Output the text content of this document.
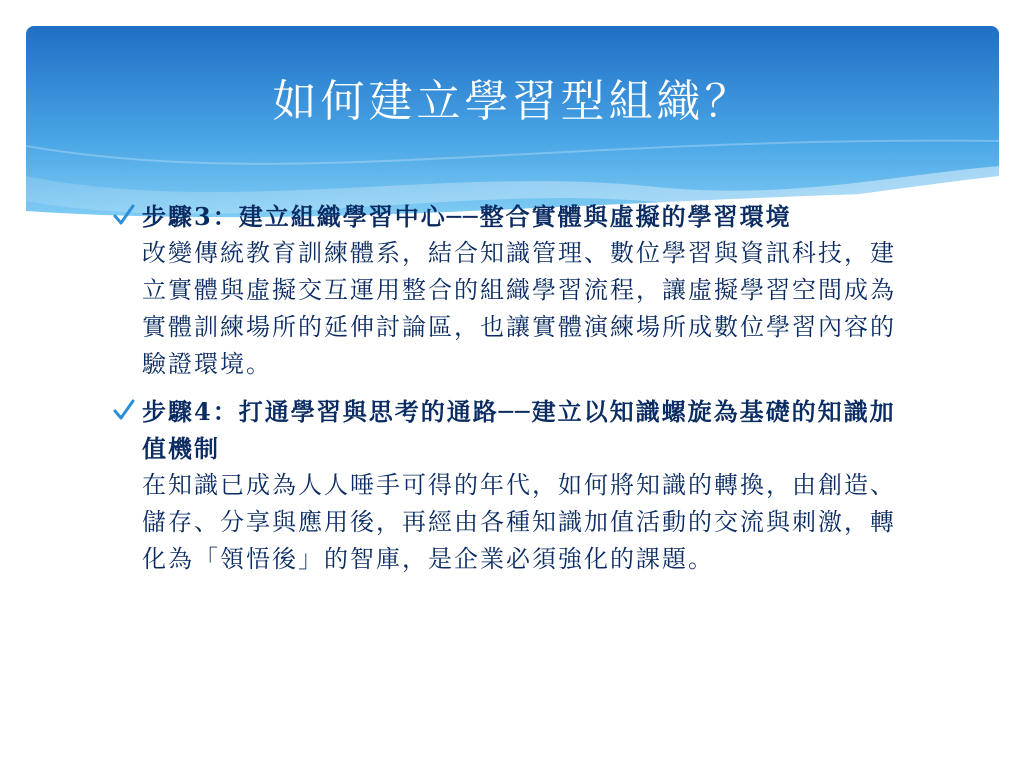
如何建立學習型組織？
步驟3：建立組織學習中心──整合實體與虛擬的學習環境
改變傳統教育訓練體系，結合知識管理、數位學習與資訊科技，建立實體與虛擬交互運用整合的組織學習流程，讓虛擬學習空間成為實體訓練場所的延伸討論區，也讓實體演練場所成數位學習內容的驗證環境。
步驟4：打通學習與思考的通路──建立以知識螺旋為基礎的知識加值機制
在知識已成為人人唾手可得的年代，如何將知識的轉換，由創造、儲存、分享與應用後，再經由各種知識加值活動的交流與刺激，轉化為「領悟後」的智庫，是企業必須強化的課題。
